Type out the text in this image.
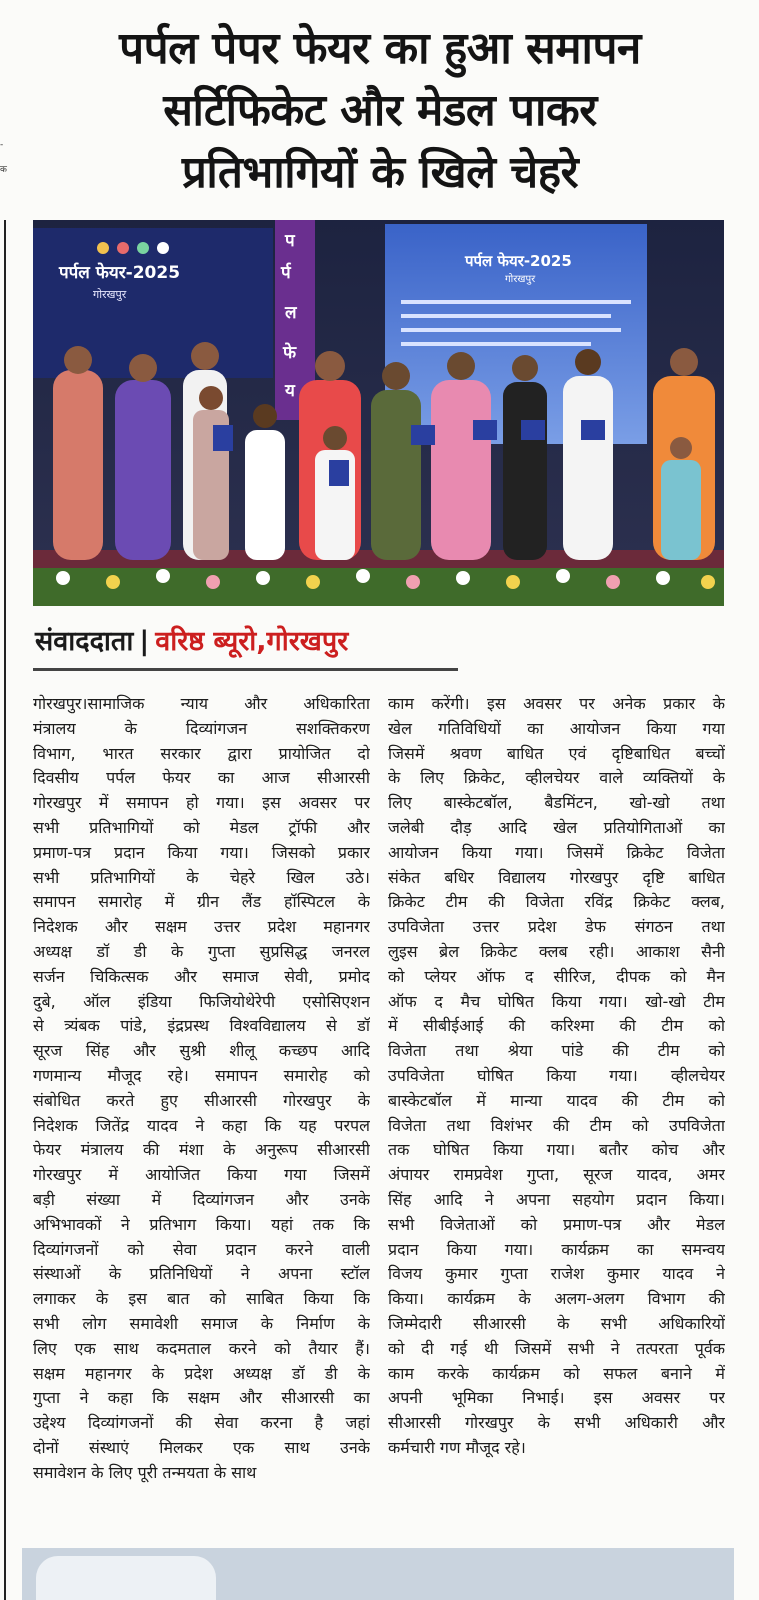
-
क
पर्पल पेपर फेयर का हुआ समापन
सर्टिफिकेट और मेडल पाकर
प्रतिभागियों के खिले चेहरे
पर्पल फेयर-2025
गोरखपुर
प
र्प
ल
फे
य
पर्पल फेयर-2025
गोरखपुर
संवाददाता | वरिष्ठ ब्यूरो,गोरखपुर
गोरखपुर।सामाजिक न्याय और अधिकारिता
मंत्रालय के दिव्यांगजन सशक्तिकरण
विभाग, भारत सरकार द्वारा प्रायोजित दो
दिवसीय पर्पल फेयर का आज सीआरसी
गोरखपुर में समापन हो गया। इस अवसर पर
सभी प्रतिभागियों को मेडल ट्रॉफी और
प्रमाण-पत्र प्रदान किया गया। जिसको प्रकार
सभी प्रतिभागियों के चेहरे खिल उठे।
समापन समारोह में ग्रीन लैंड हॉस्पिटल के
निदेशक और सक्षम उत्तर प्रदेश महानगर
अध्यक्ष डॉ डी के गुप्ता सुप्रसिद्ध जनरल
सर्जन चिकित्सक और समाज सेवी, प्रमोद
दुबे, ऑल इंडिया फिजियोथेरेपी एसोसिएशन
से त्र्यंबक पांडे, इंद्रप्रस्थ विश्वविद्यालय से डॉ
सूरज सिंह और सुश्री शीलू कच्छप आदि
गणमान्य मौजूद रहे। समापन समारोह को
संबोधित करते हुए सीआरसी गोरखपुर के
निदेशक जितेंद्र यादव ने कहा कि यह परपल
फेयर मंत्रालय की मंशा के अनुरूप सीआरसी
गोरखपुर में आयोजित किया गया जिसमें
बड़ी संख्या में दिव्यांगजन और उनके
अभिभावकों ने प्रतिभाग किया। यहां तक कि
दिव्यांगजनों को सेवा प्रदान करने वाली
संस्थाओं के प्रतिनिधियों ने अपना स्टॉल
लगाकर के इस बात को साबित किया कि
सभी लोग समावेशी समाज के निर्माण के
लिए एक साथ कदमताल करने को तैयार हैं।
सक्षम महानगर के प्रदेश अध्यक्ष डॉ डी के
गुप्ता ने कहा कि सक्षम और सीआरसी का
उद्देश्य दिव्यांगजनों की सेवा करना है जहां
दोनों संस्थाएं मिलकर एक साथ उनके
समावेशन के लिए पूरी तन्मयता के साथ
काम करेंगी। इस अवसर पर अनेक प्रकार के
खेल गतिविधियों का आयोजन किया गया
जिसमें श्रवण बाधित एवं दृष्टिबाधित बच्चों
के लिए क्रिकेट, व्हीलचेयर वाले व्यक्तियों के
लिए बास्केटबॉल, बैडमिंटन, खो-खो तथा
जलेबी दौड़ आदि खेल प्रतियोगिताओं का
आयोजन किया गया। जिसमें क्रिकेट विजेता
संकेत बधिर विद्यालय गोरखपुर दृष्टि बाधित
क्रिकेट टीम की विजेता रविंद्र क्रिकेट क्लब,
उपविजेता उत्तर प्रदेश डेफ संगठन तथा
लुइस ब्रेल क्रिकेट क्लब रही। आकाश सैनी
को प्लेयर ऑफ द सीरिज, दीपक को मैन
ऑफ द मैच घोषित किया गया। खो-खो टीम
में सीबीईआई की करिश्मा की टीम को
विजेता तथा श्रेया पांडे की टीम को
उपविजेता घोषित किया गया। व्हीलचेयर
बास्केटबॉल में मान्या यादव की टीम को
विजेता तथा विशंभर की टीम को उपविजेता
तक घोषित किया गया। बतौर कोच और
अंपायर रामप्रवेश गुप्ता, सूरज यादव, अमर
सिंह आदि ने अपना सहयोग प्रदान किया।
सभी विजेताओं को प्रमाण-पत्र और मेडल
प्रदान किया गया। कार्यक्रम का समन्वय
विजय कुमार गुप्ता राजेश कुमार यादव ने
किया। कार्यक्रम के अलग-अलग विभाग की
जिम्मेदारी सीआरसी के सभी अधिकारियों
को दी गई थी जिसमें सभी ने तत्परता पूर्वक
काम करके कार्यक्रम को सफल बनाने में
अपनी भूमिका निभाई। इस अवसर पर
सीआरसी गोरखपुर के सभी अधिकारी और
कर्मचारी गण मौजूद रहे।
